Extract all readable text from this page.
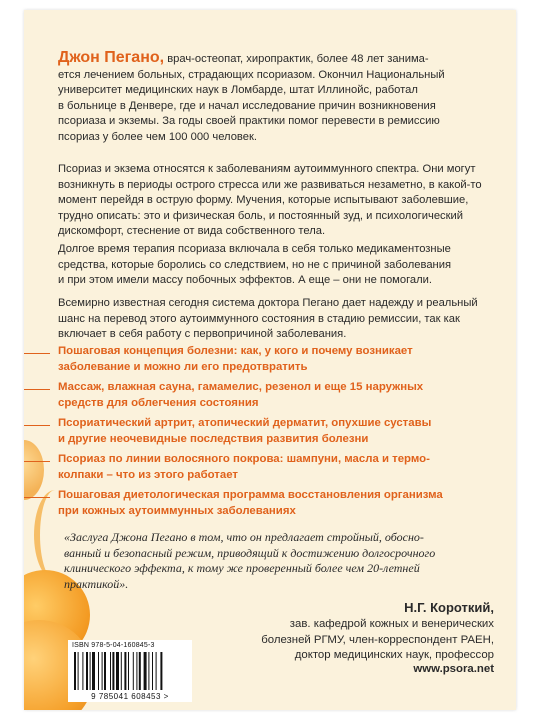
Джон Пегано, врач-остеопат, хиропрактик, более 48 лет занима-
ется лечением больных, страдающих псориазом. Окончил Национальный
университет медицинских наук в Ломбарде, штат Иллинойс, работал
в больнице в Денвере, где и начал исследование причин возникновения
псориаза и экземы. За годы своей практики помог перевести в ремиссию
псориаз у более чем 100 000 человек.
Псориаз и экзема относятся к заболеваниям аутоиммунного спектра. Они могут
возникнуть в периоды острого стресса или же развиваться незаметно, в какой-то
момент перейдя в острую форму. Мучения, которые испытывают заболевшие,
трудно описать: это и физическая боль, и постоянный зуд, и психологический
дискомфорт, стеснение от вида собственного тела.
Долгое время терапия псориаза включала в себя только медикаментозные
средства, которые боролись со следствием, но не с причиной заболевания
и при этом имели массу побочных эффектов. А еще – они не помогали.
Всемирно известная сегодня система доктора Пегано дает надежду и реальный
шанс на перевод этого аутоиммунного состояния в стадию ремиссии, так как
включает в себя работу с первопричиной заболевания.
Пошаговая концепция болезни: как, у кого и почему возникает
заболевание и можно ли его предотвратить
Массаж, влажная сауна, гамамелис, резенол и еще 15 наружных
средств для облегчения состояния
Псориатический артрит, атопический дерматит, опухшие суставы
и другие неочевидные последствия развития болезни
Псориаз по линии волосяного покрова: шампуни, масла и термо-
колпаки – что из этого работает
Пошаговая диетологическая программа восстановления организма
при кожных аутоиммунных заболеваниях
«Заслуга Джона Пегано в том, что он предлагает стройный, обосно-
ванный и безопасный режим, приводящий к достижению долгосрочного
клинического эффекта, к тому же проверенный более чем 20-летней
практикой».
Н.Г. Короткий,
зав. кафедрой кожных и венерических
болезней РГМУ, член-корреспондент РАЕН,
доктор медицинских наук, профессор
www.psora.net
ISBN 978-5-04-160845-3
9 785041 608453 >
